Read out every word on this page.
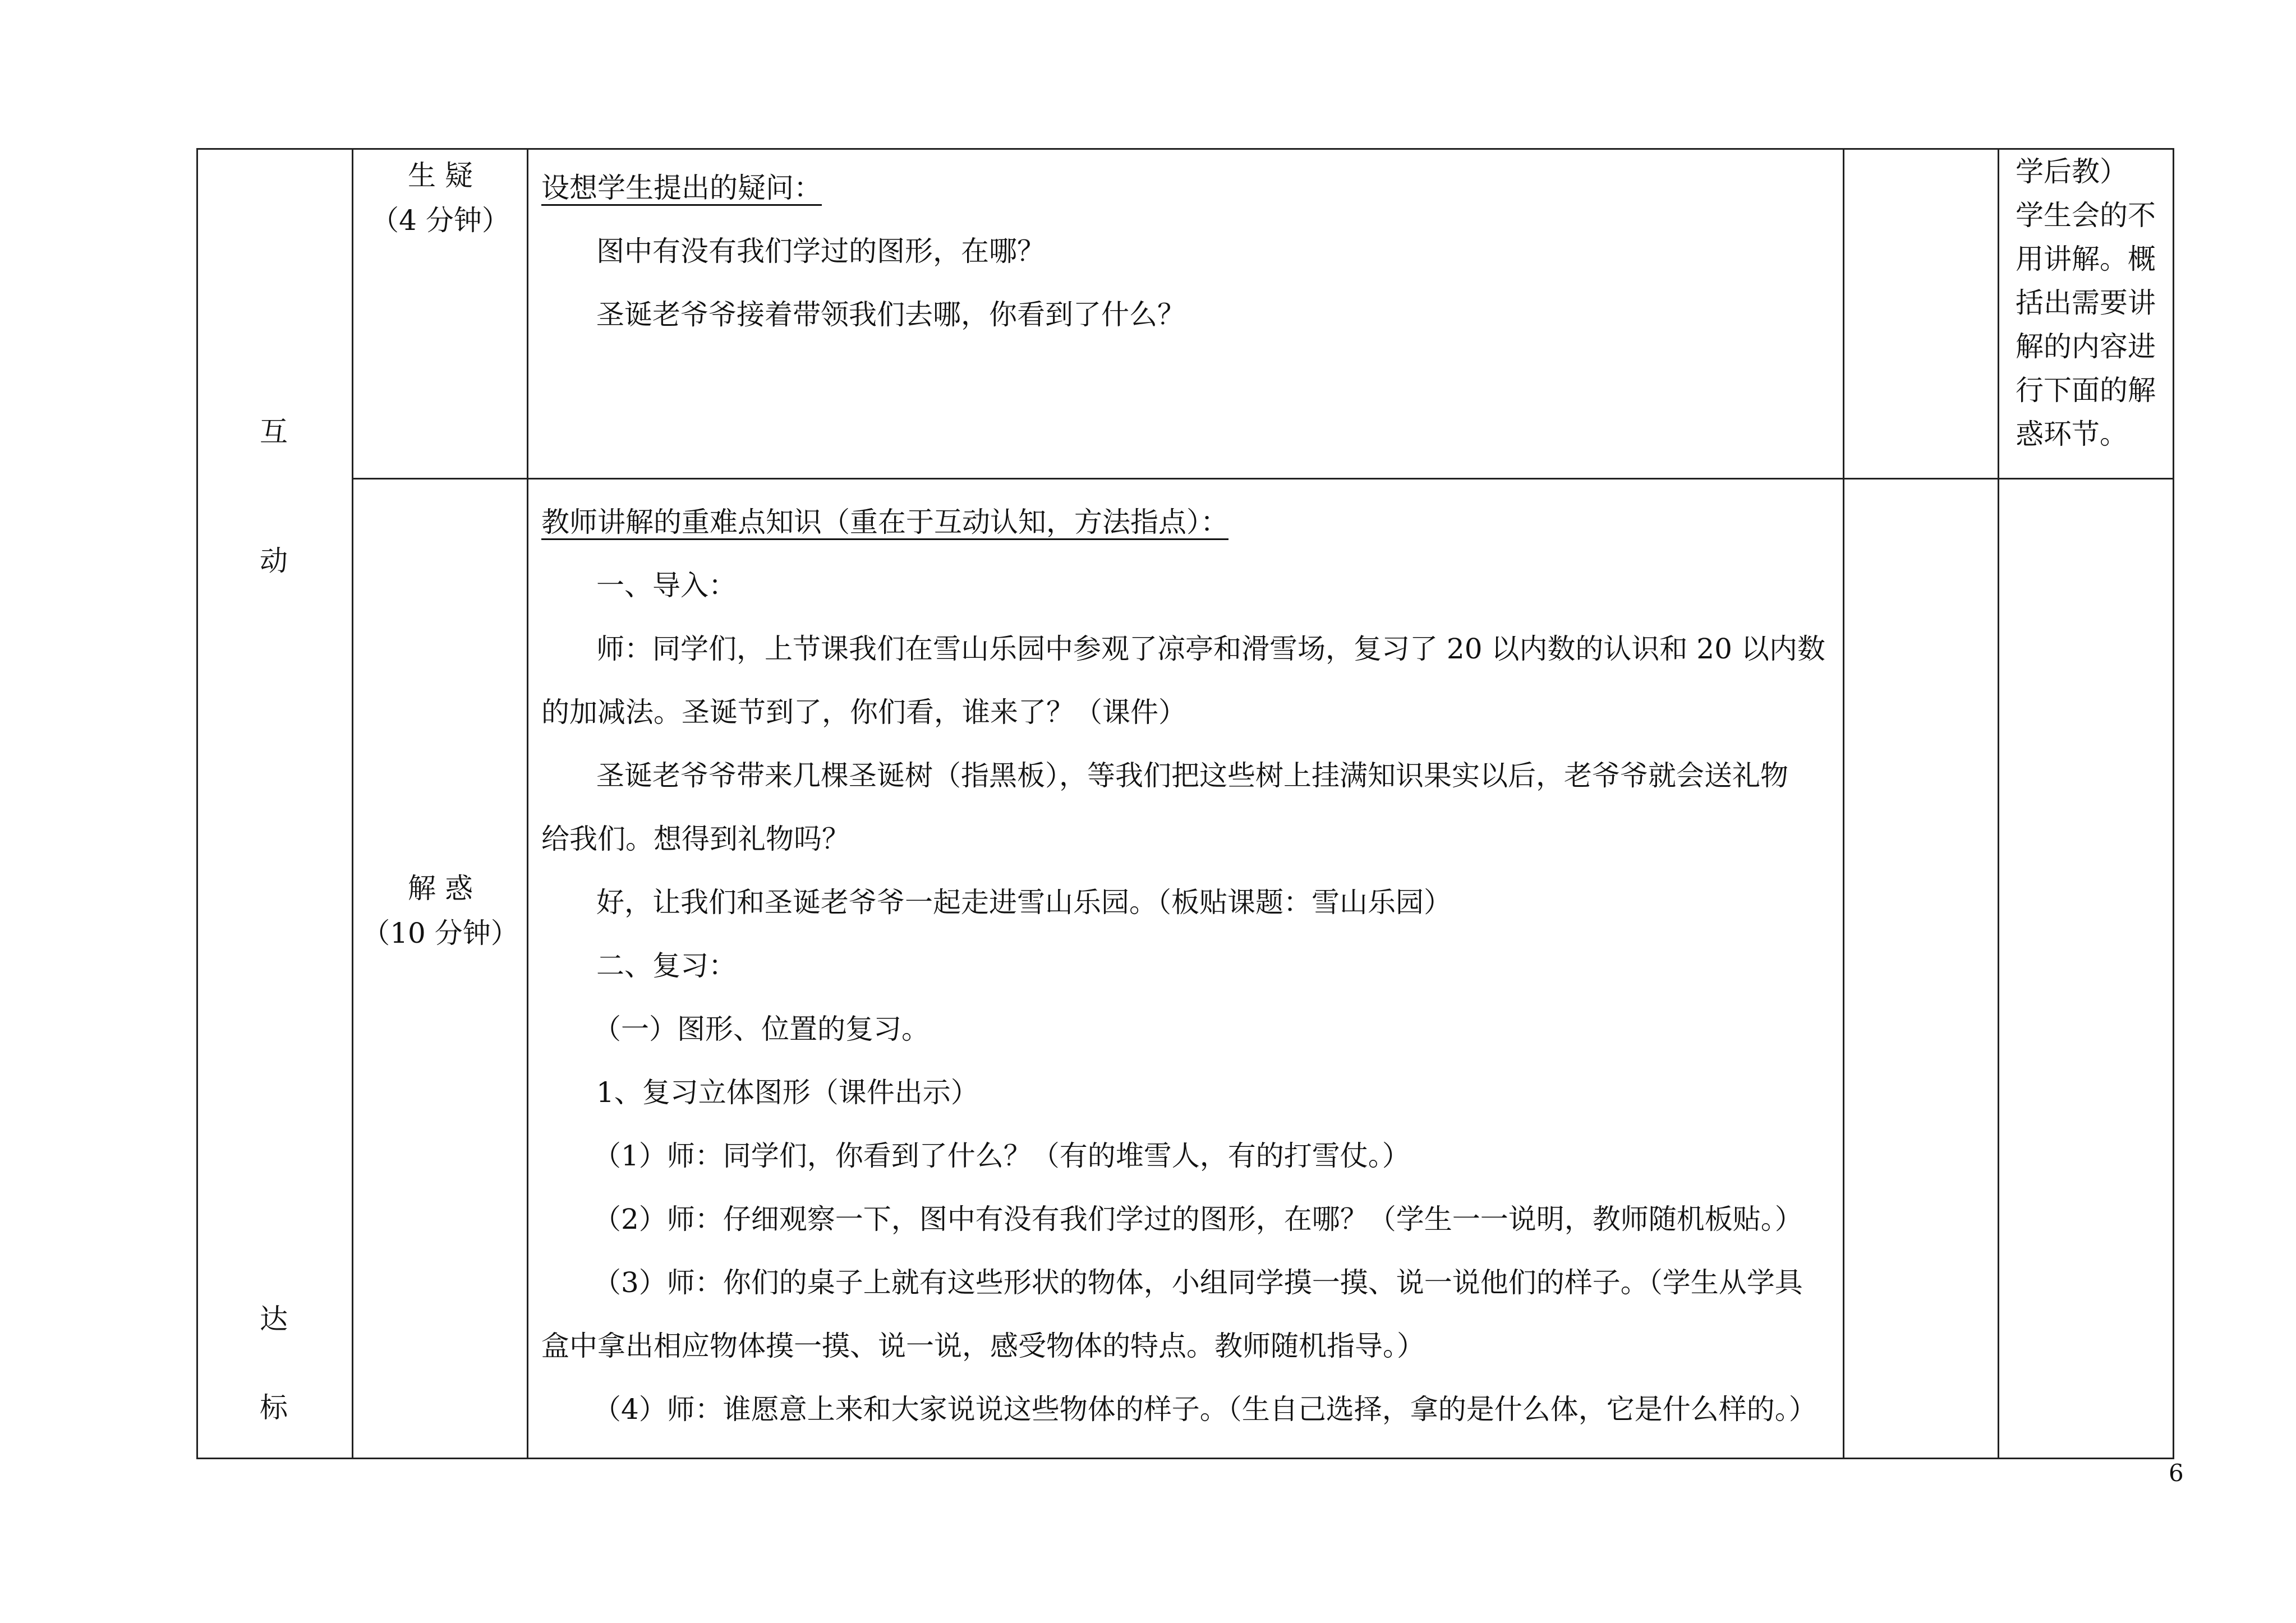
互
动
达
标
生 疑
（4 分钟）

设想学生提出的疑问：

图中有没有我们学过的图形，在哪？

圣诞老爷爷接着带领我们去哪，你看到了什么？

学后教）

学生会的不

用讲解。概

括出需要讲

解的内容进

行下面的解

惑环节。

解 惑
（10 分钟）

教师讲解的重难点知识（重在于互动认知，方法指点）：

一、导入：

师：同学们，上节课我们在雪山乐园中参观了凉亭和滑雪场，复习了 20 以内数的认识和 20 以内数

的加减法。圣诞节到了，你们看，谁来了？（课件）

圣诞老爷爷带来几棵圣诞树（指黑板），等我们把这些树上挂满知识果实以后，老爷爷就会送礼物

给我们。想得到礼物吗？

好，让我们和圣诞老爷爷一起走进雪山乐园。（板贴课题：雪山乐园）

二、复习：

（一）图形、位置的复习。

1、复习立体图形（课件出示）

（1）师：同学们，你看到了什么？（有的堆雪人，有的打雪仗。）

（2）师：仔细观察一下，图中有没有我们学过的图形，在哪？（学生一一说明，教师随机板贴。）

（3）师：你们的桌子上就有这些形状的物体，小组同学摸一摸、说一说他们的样子。（学生从学具

盒中拿出相应物体摸一摸、说一说，感受物体的特点。教师随机指导。）

（4）师：谁愿意上来和大家说说这些物体的样子。（生自己选择，拿的是什么体，它是什么样的。）

6
